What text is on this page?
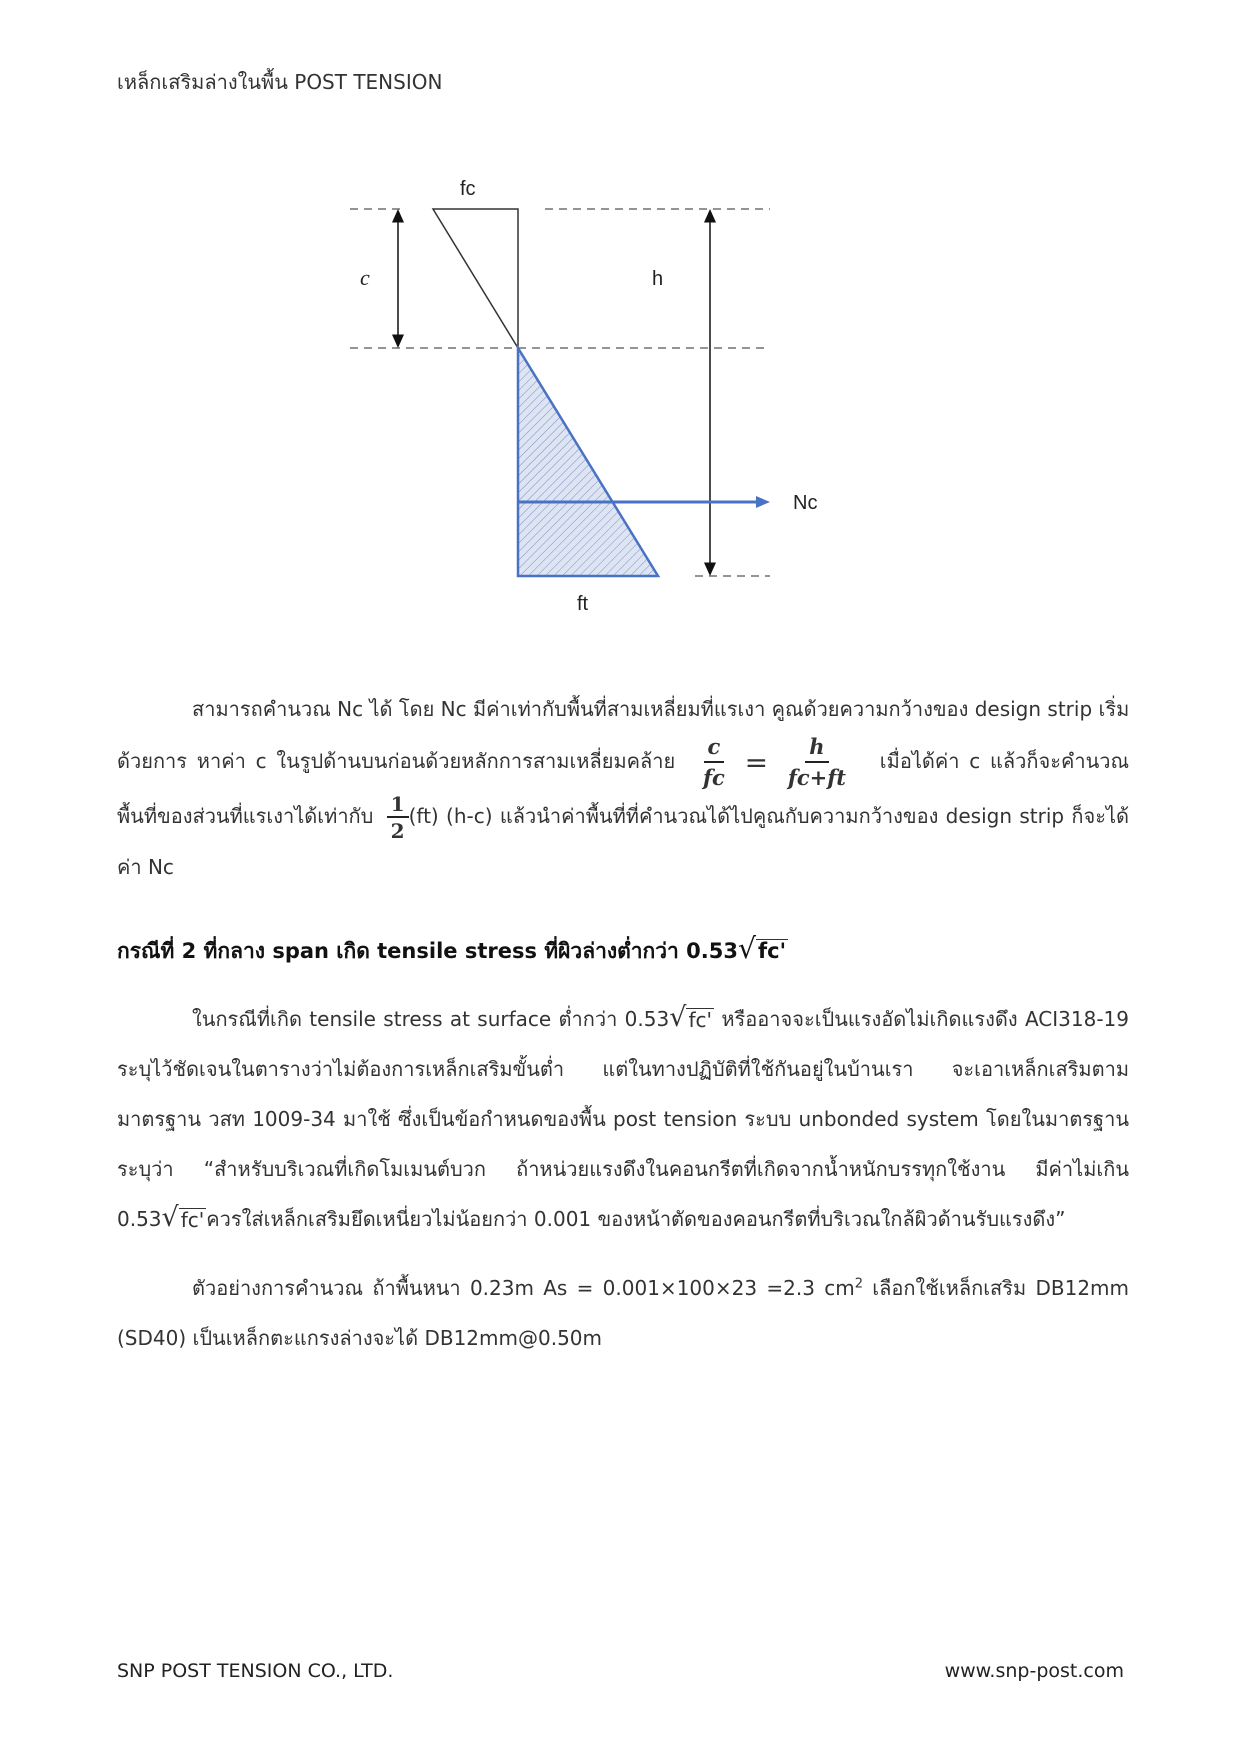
เหล็กเสริมล่างในพื้น POST TENSION
fc
c	h
Nc
ft
สามารถคำนวณ Nc ได้ โดย Nc มีค่าเท่ากับพื้นที่สามเหลี่ยมที่แรเงา คูณด้วยความกว้างของ design strip เริ่ม
ด้วยการ หาค่า c ในรูปด้านบนก่อนด้วยหลักการสามเหลี่ยมคล้าย $\frac{c}{fc} = \frac{h}{fc+ft}$ เมื่อได้ค่า c แล้วก็จะคำนวณ
พื้นที่ของส่วนที่แรเงาได้เท่ากับ $\frac{1}{2} (ft)$ (h-c) แล้วนำค่าพื้นที่ที่คำนวณได้ไปคูณกับความกว้างของ design strip ก็จะได้
ค่า Nc
กรณีที่ 2 ที่กลาง span เกิด tensile stress ที่ผิวล่างต่ำกว่า 0.53 √ fc'
ในกรณีที่เกิด tensile stress at surface ต่ำกว่า 0.53 √ fc' หรืออาจจะเป็นแรงอัดไม่เกิดแรงดึง ACI318-19
ระบุไว้ชัดเจนในตารางว่าไม่ต้องการเหล็กเสริมขั้นต่ำ แต่ในทางปฏิบัติที่ใช้กันอยู่ในบ้านเรา จะเอาเหล็กเสริมตาม
มาตรฐาน วสท 1009-34 มาใช้ ซึ่งเป็นข้อกำหนดของพื้น post tension ระบบ unbonded system โดยในมาตรฐาน
ระบุว่า “สำหรับบริเวณที่เกิดโมเมนต์บวก ถ้าหน่วยแรงดึงในคอนกรีตที่เกิดจากน้ำหนักบรรทุกใช้งาน มีค่าไม่เกิน
0.53 √ fc' ควรใส่เหล็กเสริมยึดเหนี่ยวไม่น้อยกว่า 0.001 ของหน้าตัดของคอนกรีตที่บริเวณใกล้ผิวด้านรับแรงดึง”
ตัวอย่างการคำนวณ ถ้าพื้นหนา 0.23m As = 0.001×100×23 =2.3 $cm^2$ เลือกใช้เหล็กเสริม DB12mm
(SD40) เป็นเหล็กตะแกรงล่างจะได้ DB12mm@0.50m
SNP POST TENSION CO., LTD.	www.snp-post.com
